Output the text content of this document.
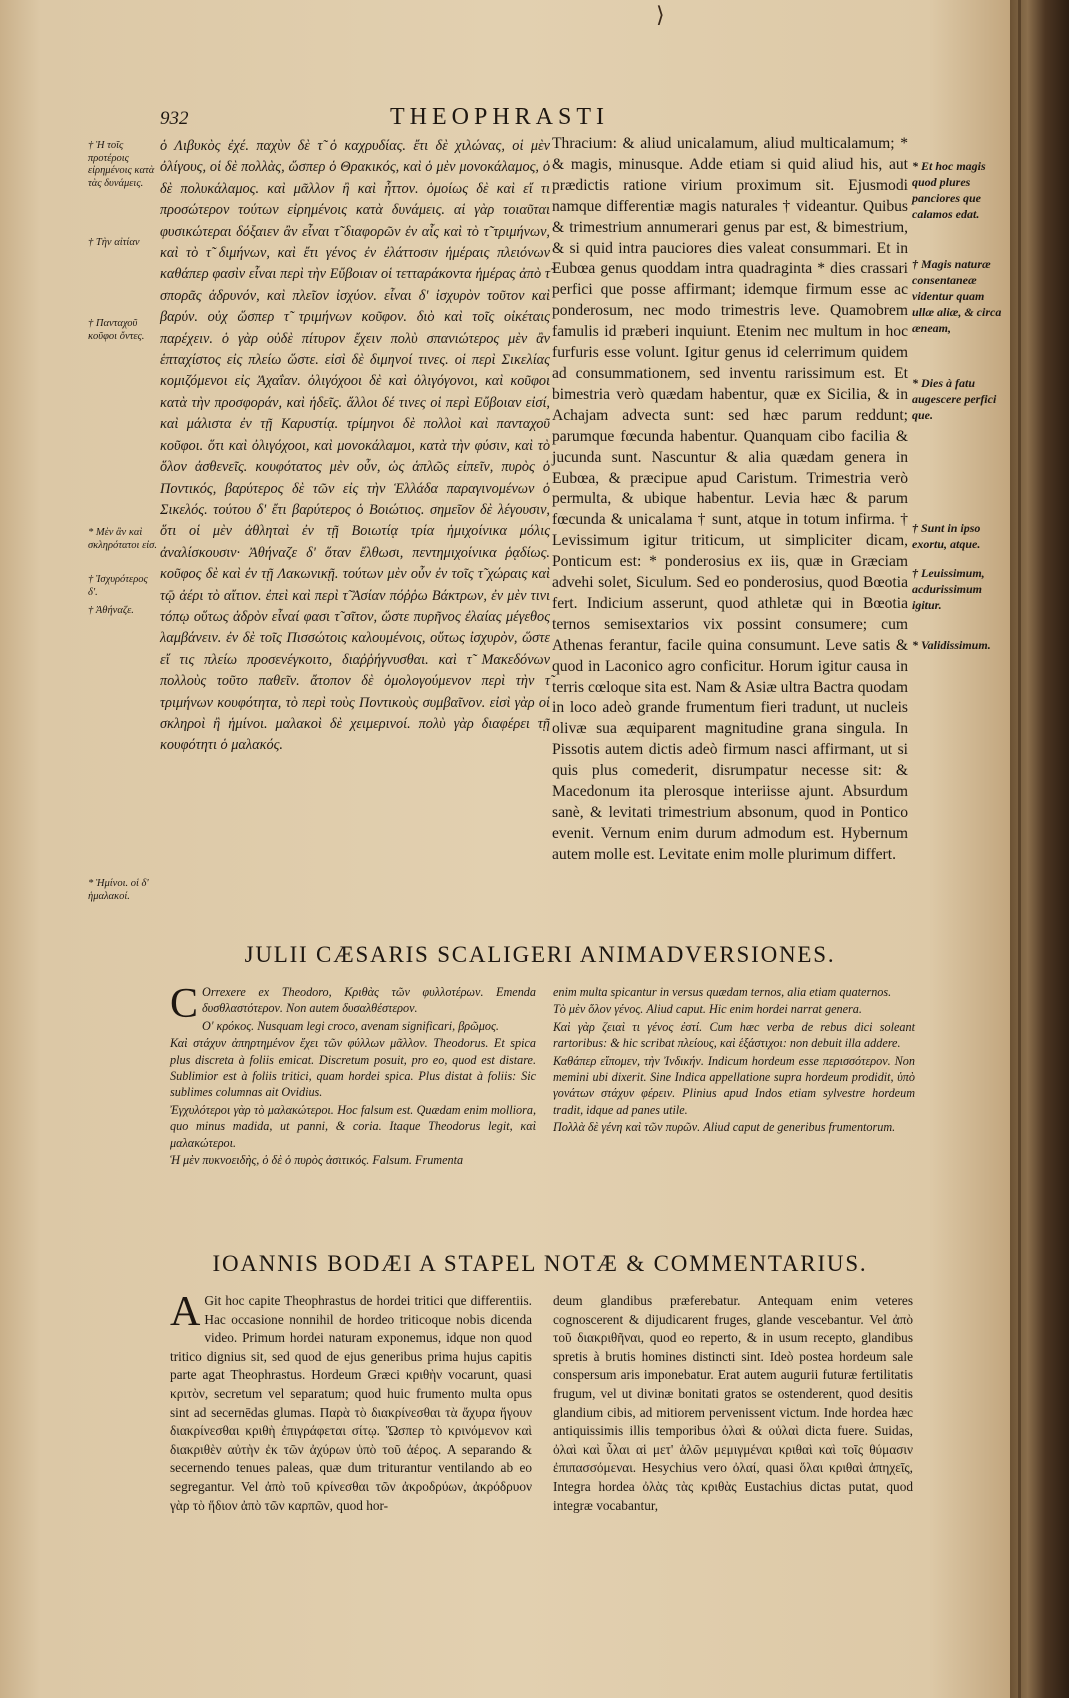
⟩
932	THEOPHRASTI
† Ἡ τοῖς προτέροις εἰρημένοις κατὰ τὰς δυνάμεις.
† Τὴν αἰτίαν
† Πανταχοῦ κοῦφοι ὄντες.
* Μὲν ἂν καὶ σκληρότατοι εἰσ.
† Ἰσχυρότερος δ'.
† Ἀθήναζε.
* Ἡμίνοι. οἱ δ' ἡμαλακοί.

ὁ Λιβυκὸς ἐχέ. παχὺν δὲ τ̃ ὁ καχρυδίας. ἔτι δὲ χιλώνας, οἱ μὲν ὀλίγους, οἱ δὲ πολλὰς, ὥσπερ ὁ Θρακικός, καὶ ὁ μὲν μονοκάλαμος, ὁ δὲ πολυκάλαμος. καὶ μᾶλλον ἢ καὶ ἧττον. ὁμοίως δὲ καὶ εἴ τι προσώτερον τούτων εἰρημένοις κατὰ δυνάμεις. αἱ γὰρ τοιαῦται φυσικώτεραι δόξαιεν ἂν εἶναι τ̃ διαφορῶν ἐν αἷς καὶ τὸ τ̃ τριμήνων, καὶ τὸ τ̃ διμήνων, καὶ ἔτι γένος ἐν ἐλάττοσιν ἡμέραις πλειόνων καθάπερ φασὶν εἶναι περὶ τὴν Εὔβοιαν οἱ τετταράκοντα ἡμέρας ἀπὸ τ̃ σπορᾶς ἁδρυνόν, καὶ πλεῖον ἰσχύον. εἶναι δ' ἰσχυρὸν τοῦτον καὶ βαρύν. οὐχ ὥσπερ τ̃ τριμήνων κοῦφον. διὸ καὶ τοῖς οἰκέταις παρέχειν. ὁ γὰρ οὐδὲ πίτυρον ἔχειν πολὺ σπανιώτερος μὲν ἂν ἑπταχίστος εἰς πλείω ὥστε. εἰσὶ δὲ διμηνοί τινες. οἱ περὶ Σικελίας κομιζόμενοι εἰς Ἀχαΐαν. ὀλιγόχοοι δὲ καὶ ὀλιγόγονοι, καὶ κοῦφοι κατὰ τὴν προσφοράν, καὶ ἡδεῖς. ἄλλοι δέ τινες οἱ περὶ Εὔβοιαν εἰσί, καὶ μάλιστα ἐν τῇ Καρυστίᾳ. τρίμηνοι δὲ πολλοὶ καὶ πανταχοῦ κοῦφοι. ὅτι καὶ ὀλιγόχοοι, καὶ μονοκάλαμοι, κατὰ τὴν φύσιν, καὶ τὸ ὅλον ἀσθενεῖς. κουφότατος μὲν οὖν, ὡς ἁπλῶς εἰπεῖν, πυρὸς ὁ Ποντικός, βαρύτερος δὲ τῶν εἰς τὴν Ἑλλάδα παραγινομένων ὁ Σικελός. τούτου δ' ἔτι βαρύτερος ὁ Βοιώτιος. σημεῖον δὲ λέγουσιν, ὅτι οἱ μὲν ἀθληταὶ ἐν τῇ Βοιωτίᾳ τρία ἡμιχοίνικα μόλις ἀναλίσκουσιν· Ἀθήναζε δ' ὅταν ἔλθωσι, πεντημιχοίνικα ῥᾳδίως. κοῦφος δὲ καὶ ἐν τῇ Λακωνικῇ. τούτων μὲν οὖν ἐν τοῖς τ̃ χώραις καὶ τῷ ἀέρι τὸ αἴτιον. ἐπεὶ καὶ περὶ τ̃ Ἀσίαν πόῤῥω Βάκτρων, ἐν μὲν τινι τόπῳ οὕτως ἁδρὸν εἶναί φασι τ̃ σῖτον, ὥστε πυρῆνος ἐλαίας μέγεθος λαμβάνειν. ἐν δὲ τοῖς Πισσώτοις καλουμένοις, οὕτως ἰσχυρὸν, ὥστε εἴ τις πλείω προσενέγκοιτο, διαῤῥήγνυσθαι. καὶ τ̃ Μακεδόνων πολλοὺς τοῦτο παθεῖν. ἄτοπον δὲ ὁμολογούμενον περὶ τὴν τ̃ τριμήνων κουφότητα, τὸ περὶ τοὺς Ποντικοὺς συμβαῖνον. εἰσὶ γὰρ οἱ σκληροὶ ἢ ἡμίνοι. μαλακοὶ δὲ χειμερινοί. πολὺ γὰρ διαφέρει τῇ κουφότητι ὁ μαλακός.

Thracium: & aliud unicalamum, aliud multicalamum; * & magis, minusque. Adde etiam si quid aliud his, aut prædictis ratione virium proximum sit. Ejusmodi namque differentiæ magis naturales † videantur. Quibus & trimestrium annumerari genus par est, & bimestrium, & si quid intra pauciores dies valeat consummari. Et in Eubœa genus quoddam intra quadraginta * dies crassari perfici que posse affirmant; idemque firmum esse ac ponderosum, nec modo trimestris leve. Quamobrem famulis id præberi inquiunt. Etenim nec multum in hoc furfuris esse volunt. Igitur genus id celerrimum quidem ad consummationem, sed inventu rarissimum est. Et bimestria verò quædam habentur, quæ ex Sicilia, & in Achajam advecta sunt: sed hæc parum reddunt; parumque fœcunda habentur. Quanquam cibo facilia & jucunda sunt. Nascuntur & alia quædam genera in Eubœa, & præcipue apud Caristum. Trimestria verò permulta, & ubique habentur. Levia hæc & parum fœcunda & unicalama † sunt, atque in totum infirma. † Levissimum igitur triticum, ut simpliciter dicam, Ponticum est: * ponderosius ex iis, quæ in Græciam advehi solet, Siculum. Sed eo ponderosius, quod Bœotia fert. Indicium asserunt, quod athletæ qui in Bœotia ternos semisextarios vix possint consumere; cum Athenas ferantur, facile quina consumunt. Leve satis & quod in Laconico agro conficitur. Horum igitur causa in terris cœloque sita est. Nam & Asiæ ultra Bactra quodam in loco adeò grande frumentum fieri tradunt, ut nucleis olivæ sua æquiparent magnitudine grana singula. In Pissotis autem dictis adeò firmum nasci affirmant, ut si quis plus comederit, disrumpatur necesse sit: & Macedonum ita plerosque interiisse ajunt. Absurdum sanè, & levitati trimestrium absonum, quod in Pontico evenit. Vernum enim durum admodum est. Hybernum autem molle est. Levitate enim molle plurimum differt.

* Et hoc magis quod plures panciores que calamos edat.
† Magis naturæ consentaneæ videntur quam ullæ aliæ, & circa æneam,
* Dies à fatu augescere perfici que.
† Sunt in ipso exortu, atque.
† Leuissimum, acdurissimum igitur.
* Validissimum.
JULII CÆSARIS SCALIGERI ANIMADVERSIONES.

C Orrexere ex Theodoro, Κριθὰς τῶν φυλλοτέρων. Emenda δυσθλαστότερον. Non autem δυσαλθέστερον.

Ο' κρόκος. Nusquam legi croco, avenam significari, βρῶμος.

Καὶ στάχυν ἀπηρτημένον ἔχει τῶν φύλλων μᾶλλον. Theodorus. Et spica plus discreta à foliis emicat. Discretum posuit, pro eo, quod est distare. Sublimior est à foliis tritici, quam hordei spica. Plus distat à foliis: Sic sublimes columnas ait Ovidius.

Ἐγχυλότεροι γὰρ τὸ μαλακώτεροι. Hoc falsum est. Quædam enim molliora, quo minus madida, ut panni, & coria. Itaque Theodorus legit, καὶ μαλακώτεροι.

Ἡ μὲν πυκνοειδὴς, ὁ δὲ ὁ πυρὸς ἀσιτικός. Falsum. Frumenta

enim multa spicantur in versus quædam ternos, alia etiam quaternos.

Τὸ μὲν ὅλον γένος. Aliud caput. Hic enim hordei narrat genera.

Καὶ γὰρ ζειαὶ τι γένος ἐστί. Cum hæc verba de rebus dici soleant rartoribus: & hic scribat πλείους, καὶ ἑξάστιχοι: non debuit illa addere.

Καθάπερ εἴπομεν, τὴν Ἰνδικήν. Indicum hordeum esse περισσότερον. Non memini ubi dixerit. Sine Indica appellatione supra hordeum prodidit, ὑπὸ γονάτων στάχυν φέρειν. Plinius apud Indos etiam sylvestre hordeum tradit, idque ad panes utile.

Πολλὰ δὲ γένη καὶ τῶν πυρῶν. Aliud caput de generibus frumentorum.

IOANNIS BODÆI A STAPEL NOTÆ & COMMENTARIUS.

A Git hoc capite Theophrastus de hordei tritici que differentiis. Hac occasione nonnihil de hordeo triticoque nobis dicenda video. Primum hordei naturam exponemus, idque non quod tritico dignius sit, sed quod de ejus generibus prima hujus capitis parte agat Theophrastus. Hordeum Græci κριθὴν vocarunt, quasi κριτὸν, secretum vel separatum; quod huic frumento multa opus sint ad secernēdas glumas. Παρὰ τὸ διακρίνεσθαι τὰ ἄχυρα ἤγουν διακρίνεσθαι κριθὴ ἐπιγράφεται σίτῳ. Ὥσπερ τὸ κρινόμενον καὶ διακριθὲν αὐτὴν ἐκ τῶν ἀχύρων ὑπὸ τοῦ ἀέρος. A separando & secernendo tenues paleas, quæ dum triturantur ventilando ab eo segregantur. Vel ἀπὸ τοῦ κρίνεσθαι τῶν ἀκροδρύων, ἀκρόδρυον γὰρ τὸ ἥδιον ἀπὸ τῶν καρπῶν, quod hor-

deum glandibus præferebatur. Antequam enim veteres cognoscerent & dijudicarent fruges, glande vescebantur. Vel ἀπὸ τοῦ διακριθῆναι, quod eo reperto, & in usum recepto, glandibus spretis à brutis homines distincti sint. Ideò postea hordeum sale conspersum aris imponebatur. Erat autem augurii futuræ fertilitatis frugum, vel ut divinæ bonitati gratos se ostenderent, quod desitis glandium cibis, ad mitiorem pervenissent victum. Inde hordea hæc antiquissimis illis temporibus ὀλαὶ & οὐλαὶ dicta fuere. Suidas, ὀλαὶ καὶ ὗλαι αἱ μετ' ἁλῶν μεμιγμέναι κριθαὶ καὶ τοῖς θύμασιν ἐπιπασσόμεναι. Hesychius vero ὀλαί, quasi ὅλαι κριθαὶ ἀπηχεῖς, Integra hordea ὀλὰς τὰς κριθὰς Eustachius dictas putat, quod integræ vocabantur,
